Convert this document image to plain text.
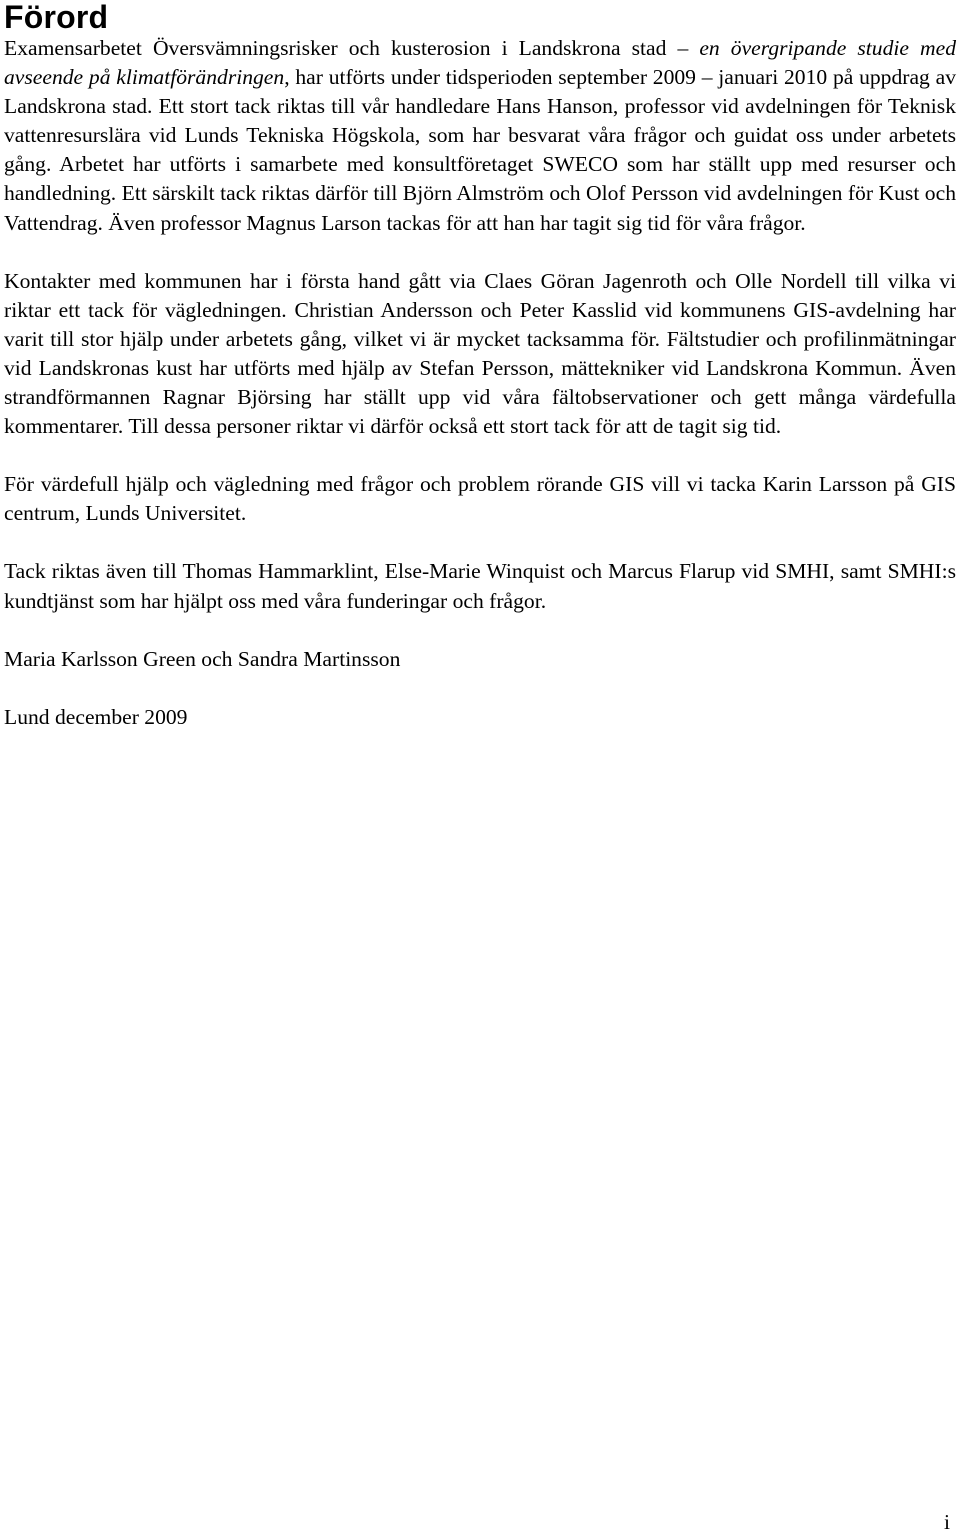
Förord

Examensarbetet Översvämningsrisker och kusterosion i Landskrona stad – en övergripande studie med avseende på klimatförändringen, har utförts under tidsperioden september 2009 – januari 2010 på uppdrag av Landskrona stad. Ett stort tack riktas till vår handledare Hans Hanson, professor vid avdelningen för Teknisk vattenresurslära vid Lunds Tekniska Högskola, som har besvarat våra frågor och guidat oss under arbetets gång. Arbetet har utförts i samarbete med konsultföretaget SWECO som har ställt upp med resurser och handledning. Ett särskilt tack riktas därför till Björn Almström och Olof Persson vid avdelningen för Kust och Vattendrag. Även professor Magnus Larson tackas för att han har tagit sig tid för våra frågor.

Kontakter med kommunen har i första hand gått via Claes Göran Jagenroth och Olle Nordell till vilka vi riktar ett tack för vägledningen. Christian Andersson och Peter Kasslid vid kommunens GIS-avdelning har varit till stor hjälp under arbetets gång, vilket vi är mycket tacksamma för. Fältstudier och profilinmätningar vid Landskronas kust har utförts med hjälp av Stefan Persson, mättekniker vid Landskrona Kommun. Även strandförmannen Ragnar Björsing har ställt upp vid våra fältobservationer och gett många värdefulla kommentarer. Till dessa personer riktar vi därför också ett stort tack för att de tagit sig tid.

För värdefull hjälp och vägledning med frågor och problem rörande GIS vill vi tacka Karin Larsson på GIS centrum, Lunds Universitet.

Tack riktas även till Thomas Hammarklint, Else-Marie Winquist och Marcus Flarup vid SMHI, samt SMHI:s kundtjänst som har hjälpt oss med våra funderingar och frågor.

Maria Karlsson Green och Sandra Martinsson

Lund december 2009

i
